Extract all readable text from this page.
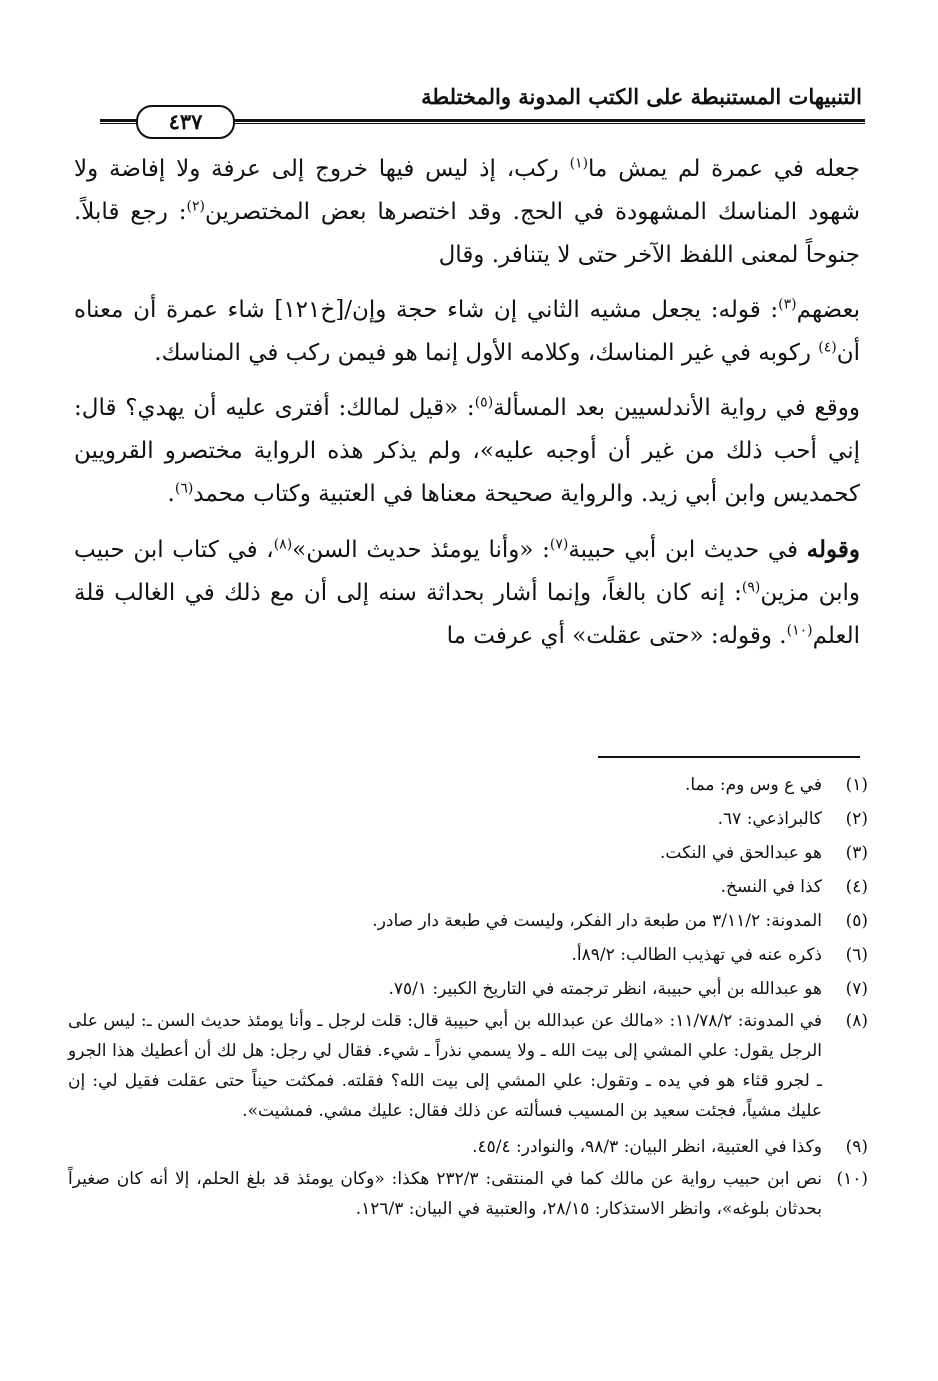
التنبيهات المستنبطة على الكتب المدونة والمختلطة
٤٣٧

جعله في عمرة لم يمش ما$^{(١)}$ ركب، إذ ليس فيها خروج إلى عرفة ولا إفاضة ولا شهود المناسك المشهودة في الحج. وقد اختصرها بعض المختصرين$^{(٢)}$: رجع قابلاً. جنوحاً لمعنى اللفظ الآخر حتى لا يتنافر. وقال

بعضهم$^{(٣)}$: قوله: يجعل مشيه الثاني إن شاء حجة وإن/[خ١٢١] شاء عمرة أن معناه أن$^{(٤)}$ ركوبه في غير المناسك، وكلامه الأول إنما هو فيمن ركب في المناسك.

ووقع في رواية الأندلسيين بعد المسألة$^{(٥)}$: «قيل لمالك: أفترى عليه أن يهدي؟ قال: إني أحب ذلك من غير أن أوجبه عليه»، ولم يذكر هذه الرواية مختصرو القرويين كحمديس وابن أبي زيد. والرواية صحيحة معناها في العتبية وكتاب محمد$^{(٦)}$.

وقوله في حديث ابن أبي حبيبة$^{(٧)}$: «وأنا يومئذ حديث السن»$^{(٨)}$، في كتاب ابن حبيب وابن مزين$^{(٩)}$: إنه كان بالغاً، وإنما أشار بحداثة سنه إلى أن مع ذلك في الغالب قلة العلم$^{(١٠)}$. وقوله: «حتى عقلت» أي عرفت ما

(١)
في ع وس وم: مما.
(٢)
كالبراذعي: ٦٧.
(٣)
هو عبدالحق في النكت.
(٤)
كذا في النسخ.
(٥)
المدونة: ٣/١١/٢ من طبعة دار الفكر، وليست في طبعة دار صادر.
(٦)
ذكره عنه في تهذيب الطالب: ٨٩/٢أ.
(٧)
هو عبدالله بن أبي حبيبة، انظر ترجمته في التاريخ الكبير: ٧٥/١.
(٨)
في المدونة: ١١/٧٨/٢: «مالك عن عبدالله بن أبي حبيبة قال: قلت لرجل ـ وأنا يومئذ حديث السن ـ: ليس على الرجل يقول: علي المشي إلى بيت الله ـ ولا يسمي نذراً ـ شيء. فقال لي رجل: هل لك أن أعطيك هذا الجرو ـ لجرو قثاء هو في يده ـ وتقول: علي المشي إلى بيت الله؟ فقلته. فمكثت حيناً حتى عقلت فقيل لي: إن عليك مشياً، فجئت سعيد بن المسيب فسألته عن ذلك فقال: عليك مشي. فمشيت».
(٩)
وكذا في العتبية، انظر البيان: ٩٨/٣، والنوادر: ٤٥/٤.
(١٠)
نص ابن حبيب رواية عن مالك كما في المنتقى: ٢٣٢/٣ هكذا: «وكان يومئذ قد بلغ الحلم، إلا أنه كان صغيراً بحدثان بلوغه»، وانظر الاستذكار: ٢٨/١٥، والعتبية في البيان: ١٢٦/٣.
